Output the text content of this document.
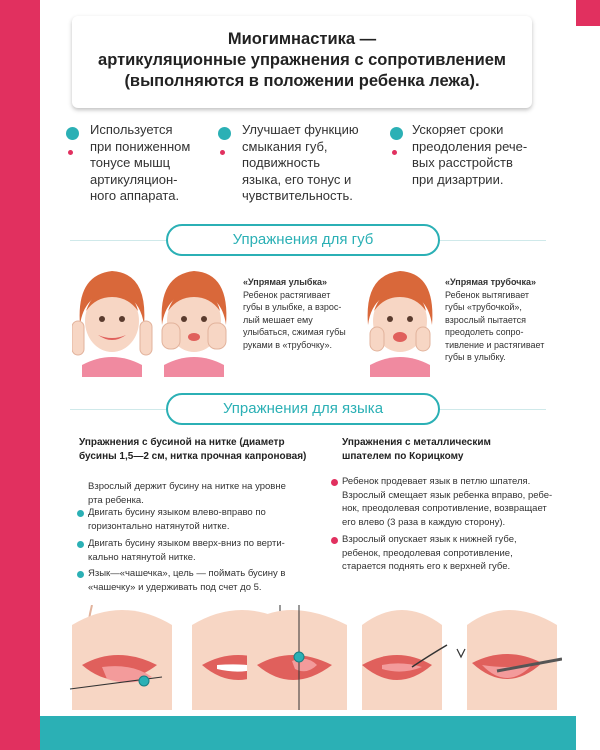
Миогимнастика —
артикуляционные упражнения с сопротивлением
(выполняются в положении ребенка лежа).
Используется
при пониженном
тонусе мышц
артикуляцион-
ного аппарата.
Улучшает функцию
смыкания губ,
подвижность
языка, его тонус и
чувствительность.
Ускоряет сроки
преодоления рече-
вых расстройств
при дизартрии.
Упражнения для губ
«Упрямая улыбка»
Ребенок растягивает
губы в улыбке, а взрос-
лый мешает ему
улыбаться, сжимая губы
руками в «трубочку».
«Упрямая трубочка»
Ребенок вытягивает
губы «трубочкой»,
взрослый пытается
преодолеть сопро-
тивление и растягивает
губы в улыбку.
Упражнения для языка
Упражнения с бусиной на нитке (диаметр
бусины 1,5—2 см, нитка прочная капроновая)
Взрослый держит бусину на нитке на уровне
рта ребенка.
Двигать бусину языком влево-вправо по
горизонтально натянутой нитке.
Двигать бусину языком вверх-вниз по верти-
кально натянутой нитке.
Язык—«чашечка», цель — поймать бусину в
«чашечку» и удерживать под счет до 5.
Упражнения с металлическим
шпателем по Корицкому
Ребенок продевает язык в петлю шпателя.
Взрослый смещает язык ребенка вправо, ребе-
нок, преодолевая сопротивление, возвращает
его влево (3 раза в каждую сторону).
Взрослый опускает язык к нижней губе,
ребенок, преодолевая сопротивление,
старается поднять его к верхней губе.
